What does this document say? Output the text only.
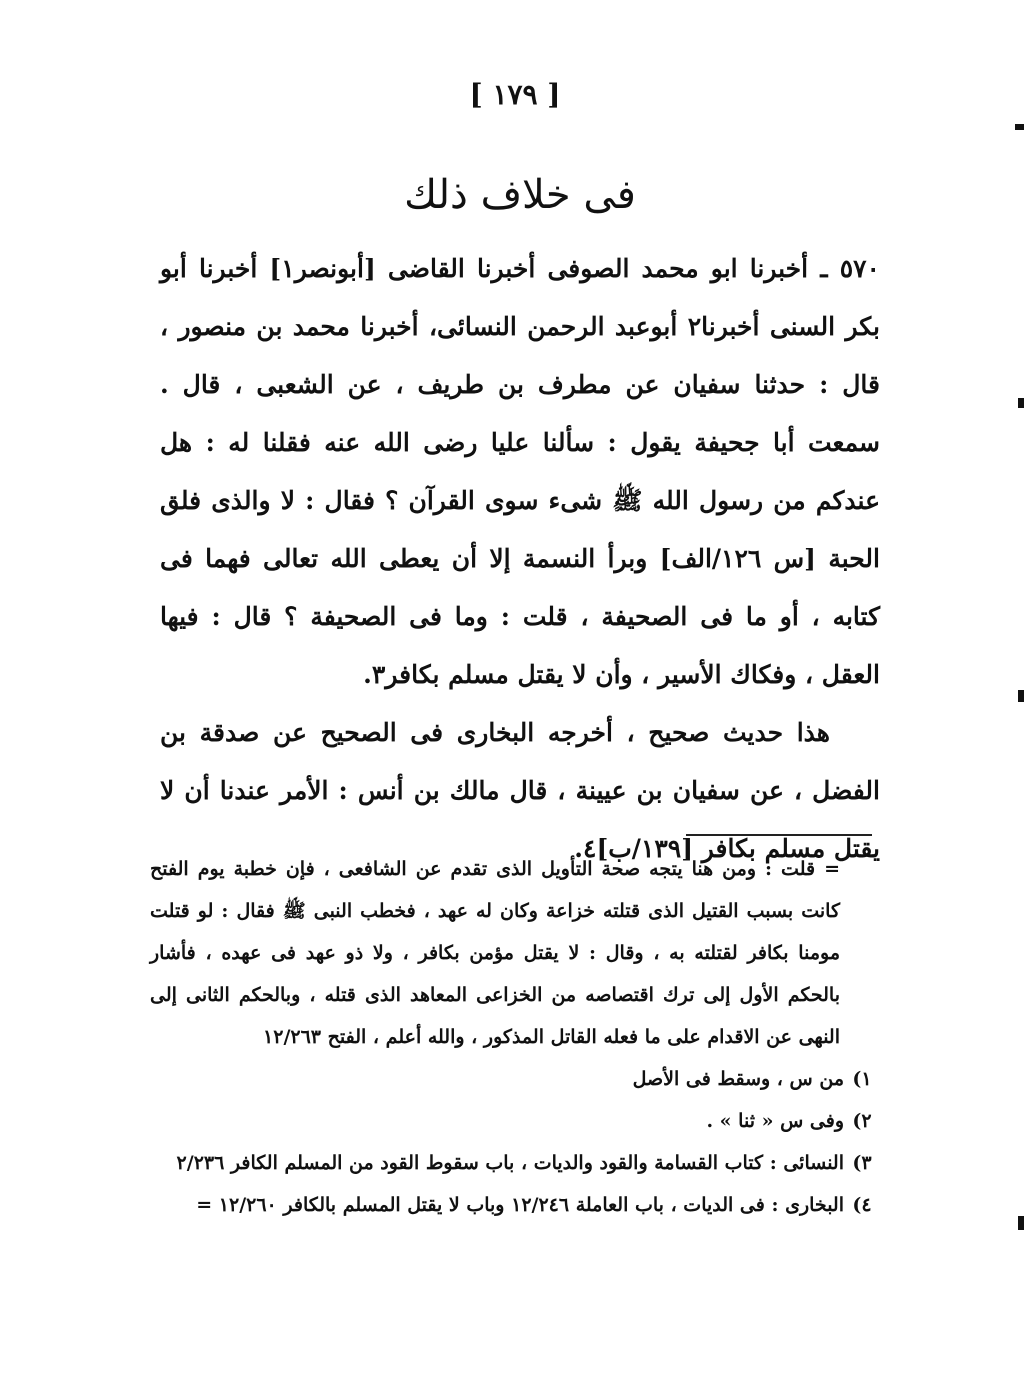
[ ١٧٩ ]
فى خلاف ذلك

٥٧٠ ـ أخبرنا ابو محمد الصوفى أخبرنا القاضى [أبونصر١] أخبرنا أبو بكر السنى أخبرنا٢ أبوعبد الرحمن النسائى، أخبرنا محمد بن منصور ، قال : حدثنا سفيان عن مطرف بن طريف ، عن الشعبى ، قال . سمعت أبا جحيفة يقول : سألنا عليا رضى الله عنه فقلنا له : هل عندكم من رسول الله ﷺ شىء سوى القرآن ؟ فقال : لا والذى فلق الحبة [س ١٢٦/الف] وبرأ النسمة إلا أن يعطى الله تعالى فهما فى كتابه ، أو ما فى الصحيفة ، قلت : وما فى الصحيفة ؟ قال : فيها العقل ، وفكاك الأسير ، وأن لا يقتل مسلم بكافر٣.

هذا حديث صحيح ، أخرجه البخارى فى الصحيح عن صدقة بن الفضل ، عن سفيان بن عيينة ، قال مالك بن أنس : الأمر عندنا أن لا يقتل مسلم بكافر [١٣٩/ب]٤.

= قلت : ومن هنا يتجه صحة التأويل الذى تقدم عن الشافعى ، فإن خطبة يوم الفتح كانت بسبب القتيل الذى قتلته خزاعة وكان له عهد ، فخطب النبى ﷺ فقال : لو قتلت مومنا بكافر لقتلته به ، وقال : لا يقتل مؤمن بكافر ، ولا ذو عهد فى عهده ، فأشار بالحكم الأول إلى ترك اقتصاصه من الخزاعى المعاهد الذى قتله ، وبالحكم الثانى إلى النهى عن الاقدام على ما فعله القاتل المذكور ، والله أعلم ، الفتح ١٢/٢٦٣

١)
من س ، وسقط فى الأصل
٢)
وفى س « ثنا » .
٣)
النسائى : كتاب القسامة والقود والديات ، باب سقوط القود من المسلم الكافر ٢/٢٣٦
٤)
البخارى : فى الديات ، باب العاملة ١٢/٢٤٦ وباب لا يقتل المسلم بالكافر ١٢/٢٦٠ =
